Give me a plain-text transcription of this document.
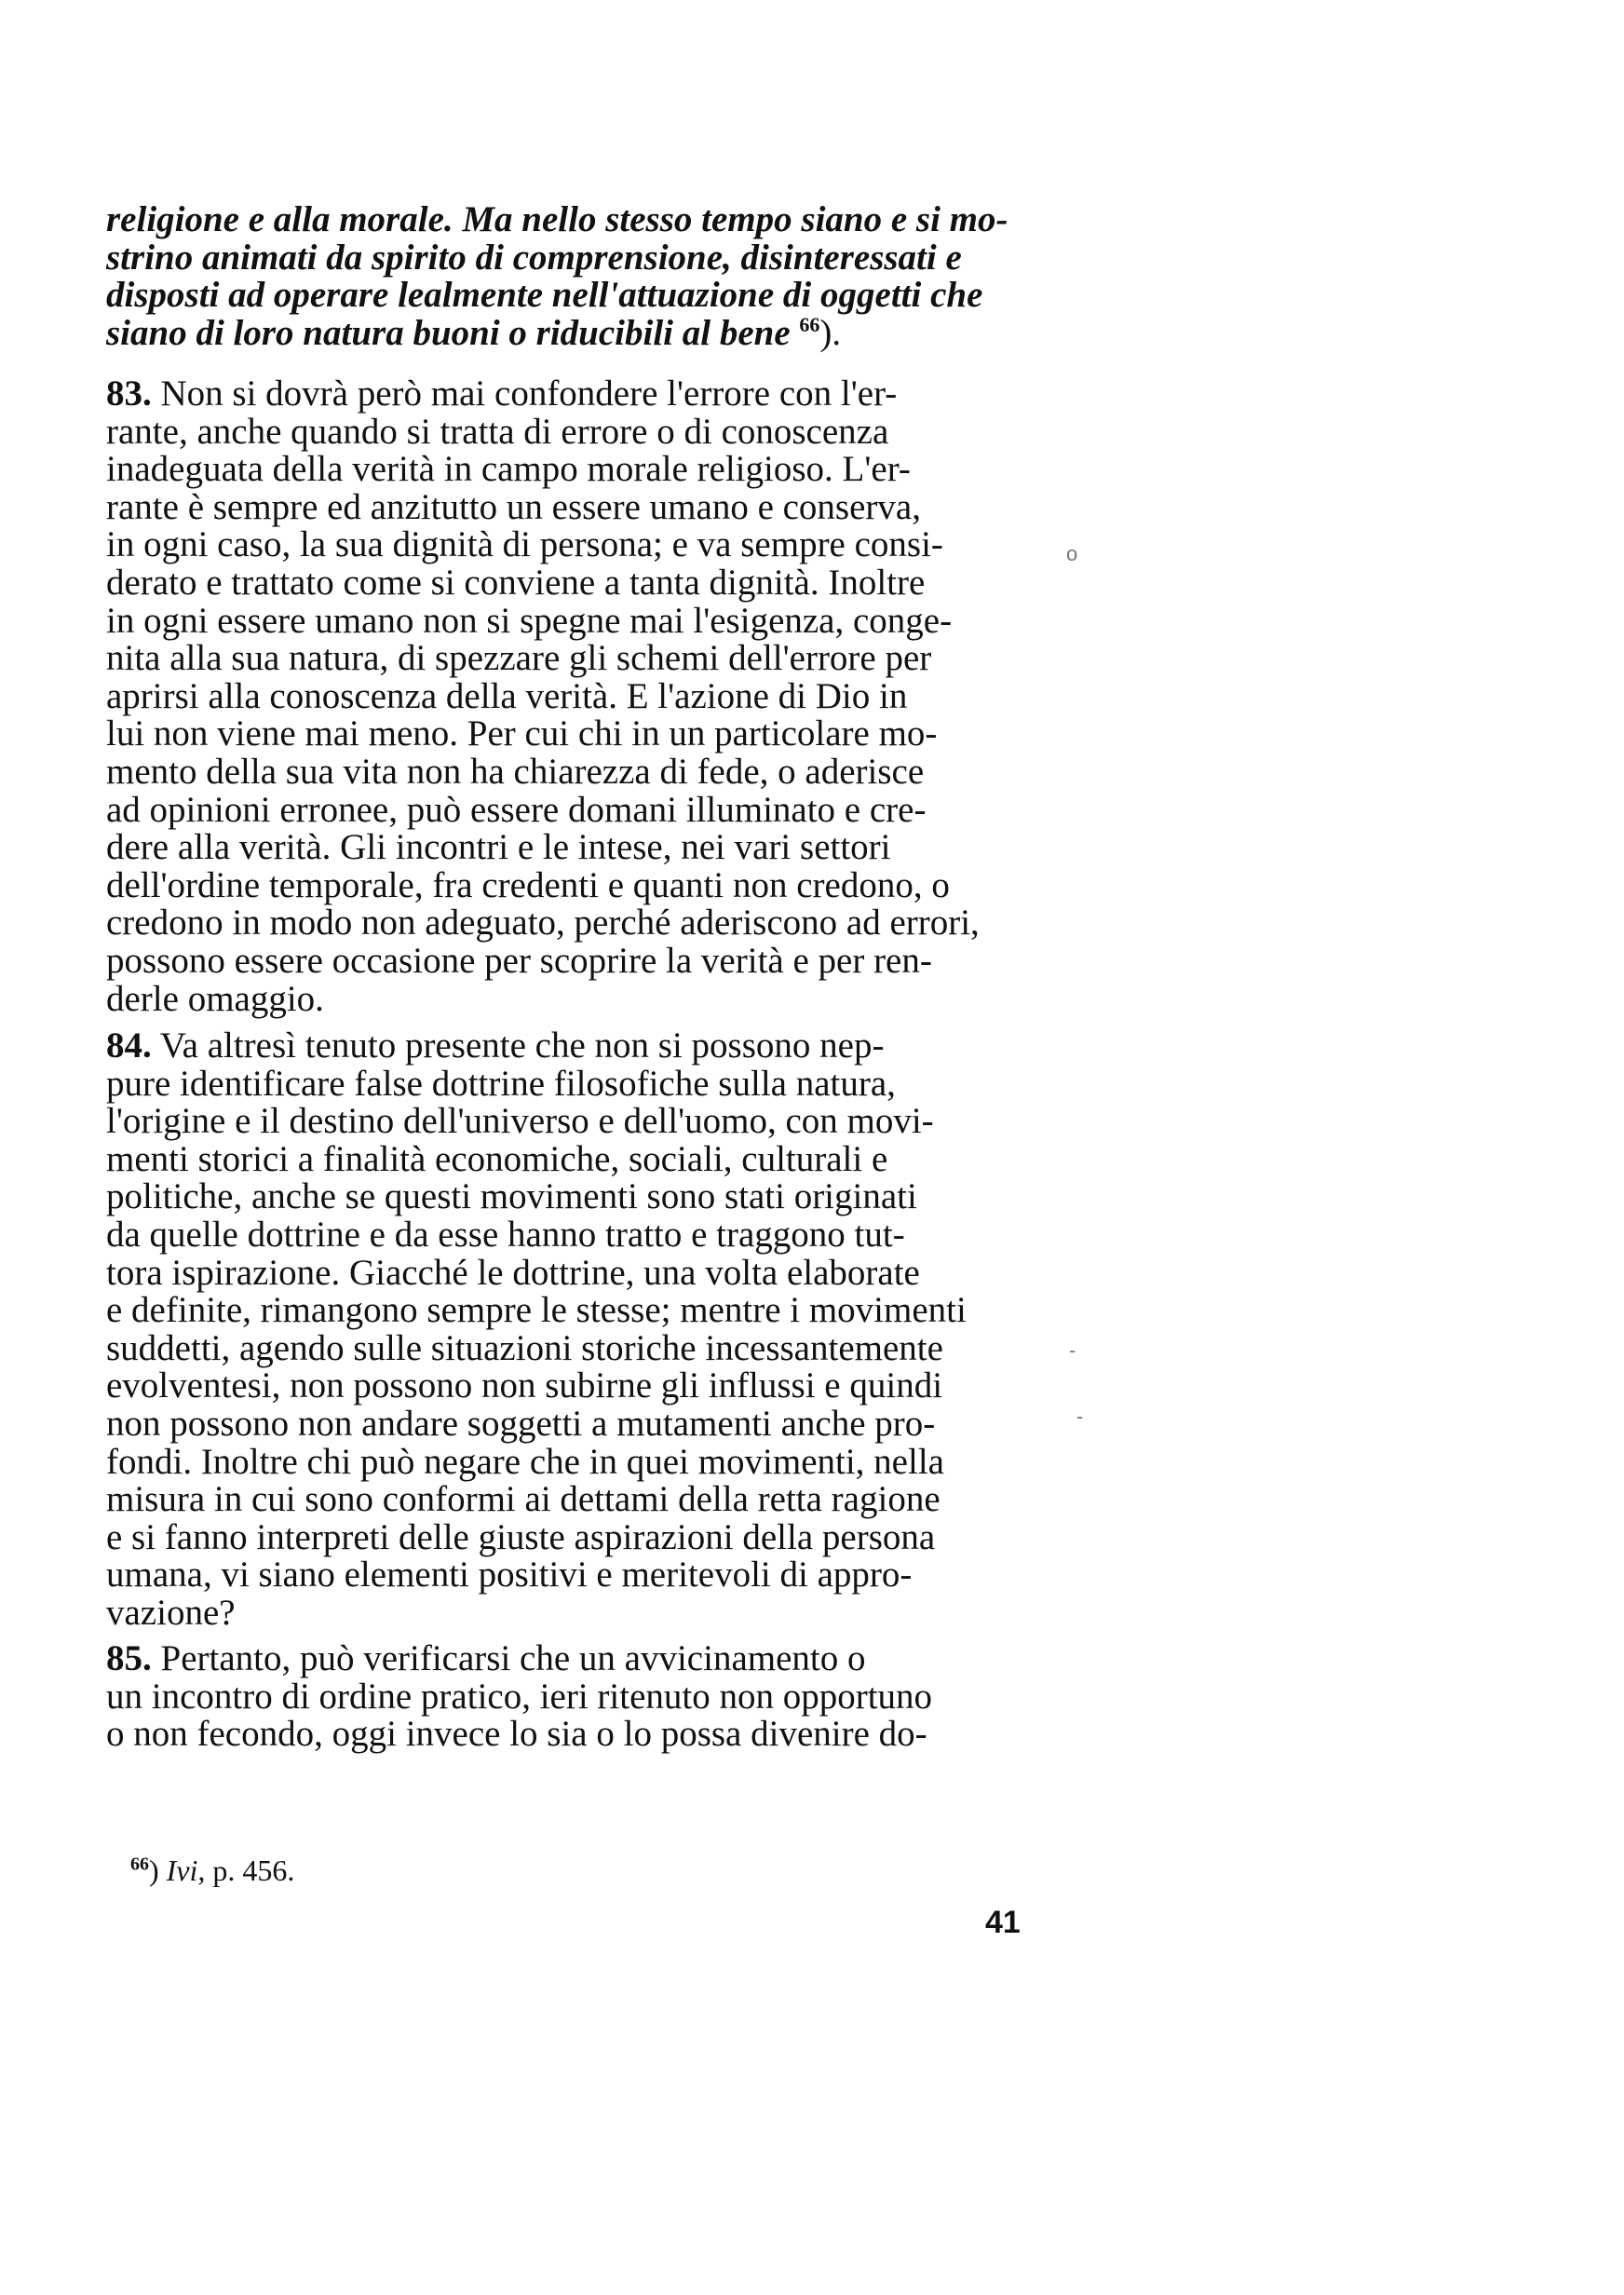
religione e alla morale. Ma nello stesso tempo siano e si mo-
strino animati da spirito di comprensione, disinteressati e
disposti ad operare lealmente nell'attuazione di oggetti che
siano di loro natura buoni o riducibili al bene $^{66}$).
83. Non si dovrà però mai confondere l'errore con l'er-
rante, anche quando si tratta di errore o di conoscenza
inadeguata della verità in campo morale religioso. L'er-
rante è sempre ed anzitutto un essere umano e conserva,
in ogni caso, la sua dignità di persona; e va sempre consi-
derato e trattato come si conviene a tanta dignità. Inoltre
in ogni essere umano non si spegne mai l'esigenza, conge-
nita alla sua natura, di spezzare gli schemi dell'errore per
aprirsi alla conoscenza della verità. E l'azione di Dio in
lui non viene mai meno. Per cui chi in un particolare mo-
mento della sua vita non ha chiarezza di fede, o aderisce
ad opinioni erronee, può essere domani illuminato e cre-
dere alla verità. Gli incontri e le intese, nei vari settori
dell'ordine temporale, fra credenti e quanti non credono, o
credono in modo non adeguato, perché aderiscono ad errori,
possono essere occasione per scoprire la verità e per ren-
derle omaggio.
84. Va altresì tenuto presente che non si possono nep-
pure identificare false dottrine filosofiche sulla natura,
l'origine e il destino dell'universo e dell'uomo, con movi-
menti storici a finalità economiche, sociali, culturali e
politiche, anche se questi movimenti sono stati originati
da quelle dottrine e da esse hanno tratto e traggono tut-
tora ispirazione. Giacché le dottrine, una volta elaborate
e definite, rimangono sempre le stesse; mentre i movimenti
suddetti, agendo sulle situazioni storiche incessantemente
evolventesi, non possono non subirne gli influssi e quindi
non possono non andare soggetti a mutamenti anche pro-
fondi. Inoltre chi può negare che in quei movimenti, nella
misura in cui sono conformi ai dettami della retta ragione
e si fanno interpreti delle giuste aspirazioni della persona
umana, vi siano elementi positivi e meritevoli di appro-
vazione?
85. Pertanto, può verificarsi che un avvicinamento o
un incontro di ordine pratico, ieri ritenuto non opportuno
o non fecondo, oggi invece lo sia o lo possa divenire do-
$^{66}$) Ivi, p. 456.
41
o
-
-
